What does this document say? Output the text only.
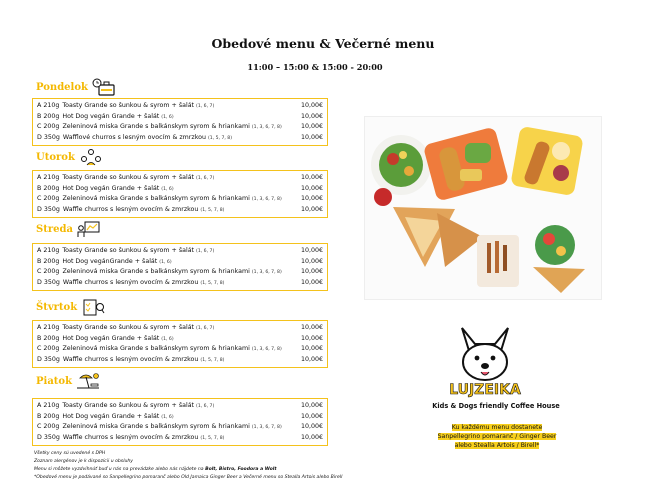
Obedové menu & Večerné menu
11:00 – 15:00 & 15:00 - 20:00
Pondelok
A 210g Toasty Grande so šunkou & syrom + šalát (1, 6, 7)	10,00€
B 200g Hot Dog vegán Grande + šalát (1, 6)	10,00€
C 200g Zeleninová miska Grande s balkánskym syrom & hriankami (1, 3, 6, 7, 8)	10,00€
D 350g Wafflové churros s lesným ovocím & zmrzkou (1, 5, 7, 8)	10,00€
Utorok
A 210g Toasty Grande so šunkou & syrom + šalát (1, 6, 7)	10,00€
B 200g Hot Dog vegán Grande + šalát (1, 6)	10,00€
C 200g Zeleninová miska Grande s balkánskym syrom & hriankami (1, 3, 6, 7, 8)	10,00€
D 350g Waffle churros s lesným ovocím & zmrzkou (1, 5, 7, 8)	10,00€
Streda
A 210g Toasty Grande so šunkou & syrom + šalát (1, 6, 7)	10,00€
B 200g Hot Dog vegánGrande + šalát (1, 6)	10,00€
C 200g Zeleninová miska Grande s balkánskym syrom & hriankami (1, 3, 6, 7, 8)	10,00€
D 350g Waffle churros s lesným ovocím & zmrzkou (1, 5, 7, 8)	10,00€
Štvrtok
A 210g Toasty Grande so šunkou & syrom + šalát (1, 6, 7)	10,00€
B 200g Hot Dog vegán Grande + šalát (1, 6)	10,00€
C 200g Zeleninová miska Grande s balkánskym syrom & hriankami (1, 3, 6, 7, 8)	10,00€
D 350g Waffle churros s lesným ovocím & zmrzkou (1, 5, 7, 8)	10,00€
Piatok
A 210g Toasty Grande so šunkou & syrom + šalát (1, 6, 7)	10,00€
B 200g Hot Dog vegán Grande + šalát (1, 6)	10,00€
C 200g Zeleninová miska Grande s balkánskym syrom & hriankami (1, 3, 6, 7, 8)	10,00€
D 350g Waffle churros s lesným ovocím & zmrzkou (1, 5, 7, 8)	10,00€
Všetky ceny sú uvedené s DPH
Zoznam alergénov je k dispozícii u obsluhy
Menu si môžete vyzdvihnúť buď u nás na prevádzke alebo nás nájdete na Bolt, Bistro, Foodora a Wolt
*Obedové menu je podávané so Sanpellegrino pomaranč alebo Old Jamaica Ginger Beer a Večerné menu so Stealla Artois alebo Birell
LUJZEIKA
Kids & Dogs friendly Coffee House
Ku každému menu dostanete
Sanpellegrino pomaranč / Ginger Beer
alebo Stealla Artois / Birell*
